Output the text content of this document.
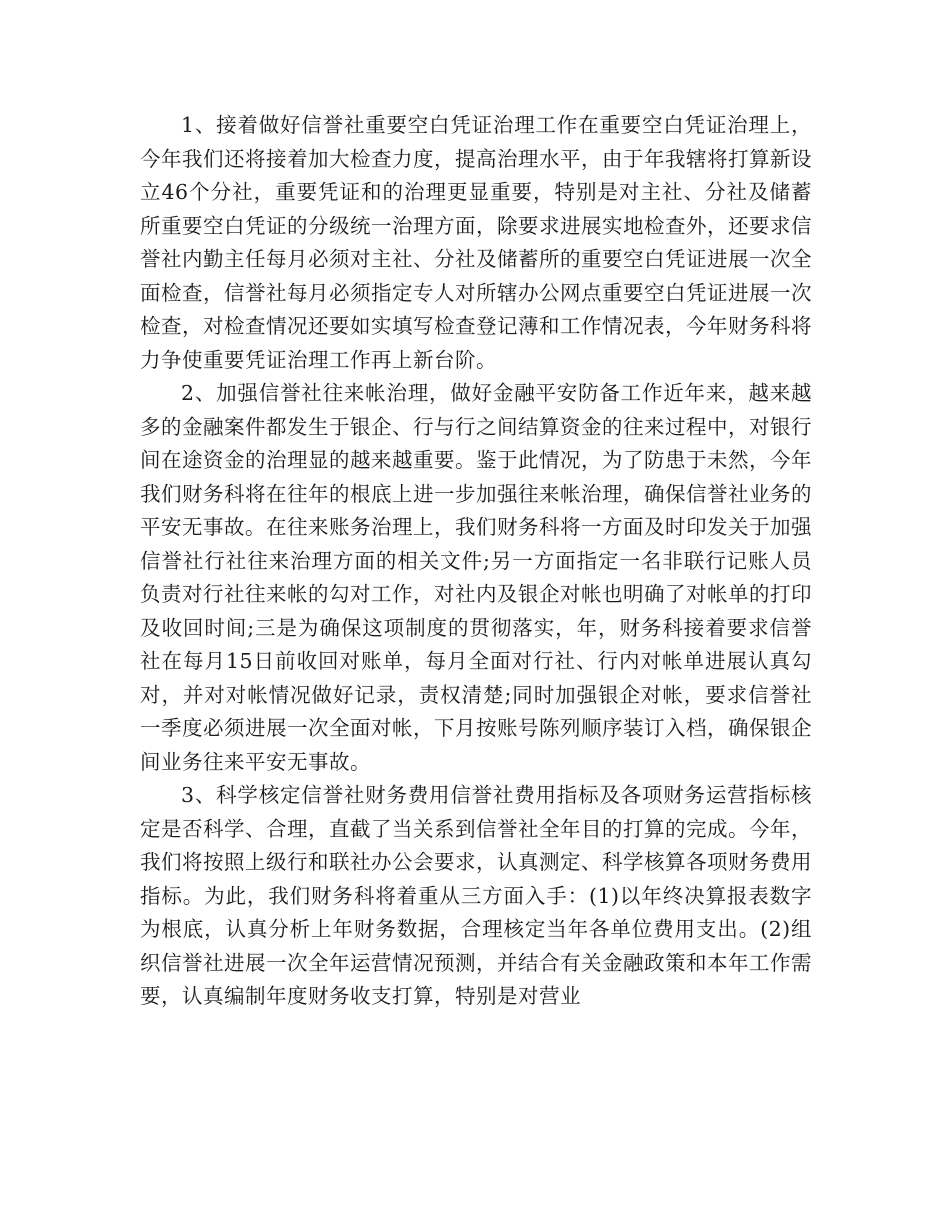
1、接着做好信誉社重要空白凭证治理工作在重要空白凭证治理上，今年我们还将接着加大检查力度，提高治理水平，由于年我辖将打算新设立46个分社，重要凭证和的治理更显重要，特别是对主社、分社及储蓄所重要空白凭证的分级统一治理方面，除要求进展实地检查外，还要求信誉社内勤主任每月必须对主社、分社及储蓄所的重要空白凭证进展一次全面检查，信誉社每月必须指定专人对所辖办公网点重要空白凭证进展一次检查，对检查情况还要如实填写检查登记薄和工作情况表，今年财务科将力争使重要凭证治理工作再上新台阶。

2、加强信誉社往来帐治理，做好金融平安防备工作近年来，越来越多的金融案件都发生于银企、行与行之间结算资金的往来过程中，对银行间在途资金的治理显的越来越重要。鉴于此情况，为了防患于未然，今年我们财务科将在往年的根底上进一步加强往来帐治理，确保信誉社业务的平安无事故。在往来账务治理上，我们财务科将一方面及时印发关于加强信誉社行社往来治理方面的相关文件;另一方面指定一名非联行记账人员负责对行社往来帐的勾对工作，对社内及银企对帐也明确了对帐单的打印及收回时间;三是为确保这项制度的贯彻落实，年，财务科接着要求信誉社在每月15日前收回对账单，每月全面对行社、行内对帐单进展认真勾对，并对对帐情况做好记录，责权清楚;同时加强银企对帐，要求信誉社一季度必须进展一次全面对帐，下月按账号陈列顺序装订入档，确保银企间业务往来平安无事故。

3、科学核定信誉社财务费用信誉社费用指标及各项财务运营指标核定是否科学、合理，直截了当关系到信誉社全年目的打算的完成。今年，我们将按照上级行和联社办公会要求，认真测定、科学核算各项财务费用指标。为此，我们财务科将着重从三方面入手：(1)以年终决算报表数字为根底，认真分析上年财务数据，合理核定当年各单位费用支出。(2)组织信誉社进展一次全年运营情况预测，并结合有关金融政策和本年工作需要，认真编制年度财务收支打算，特别是对营业
